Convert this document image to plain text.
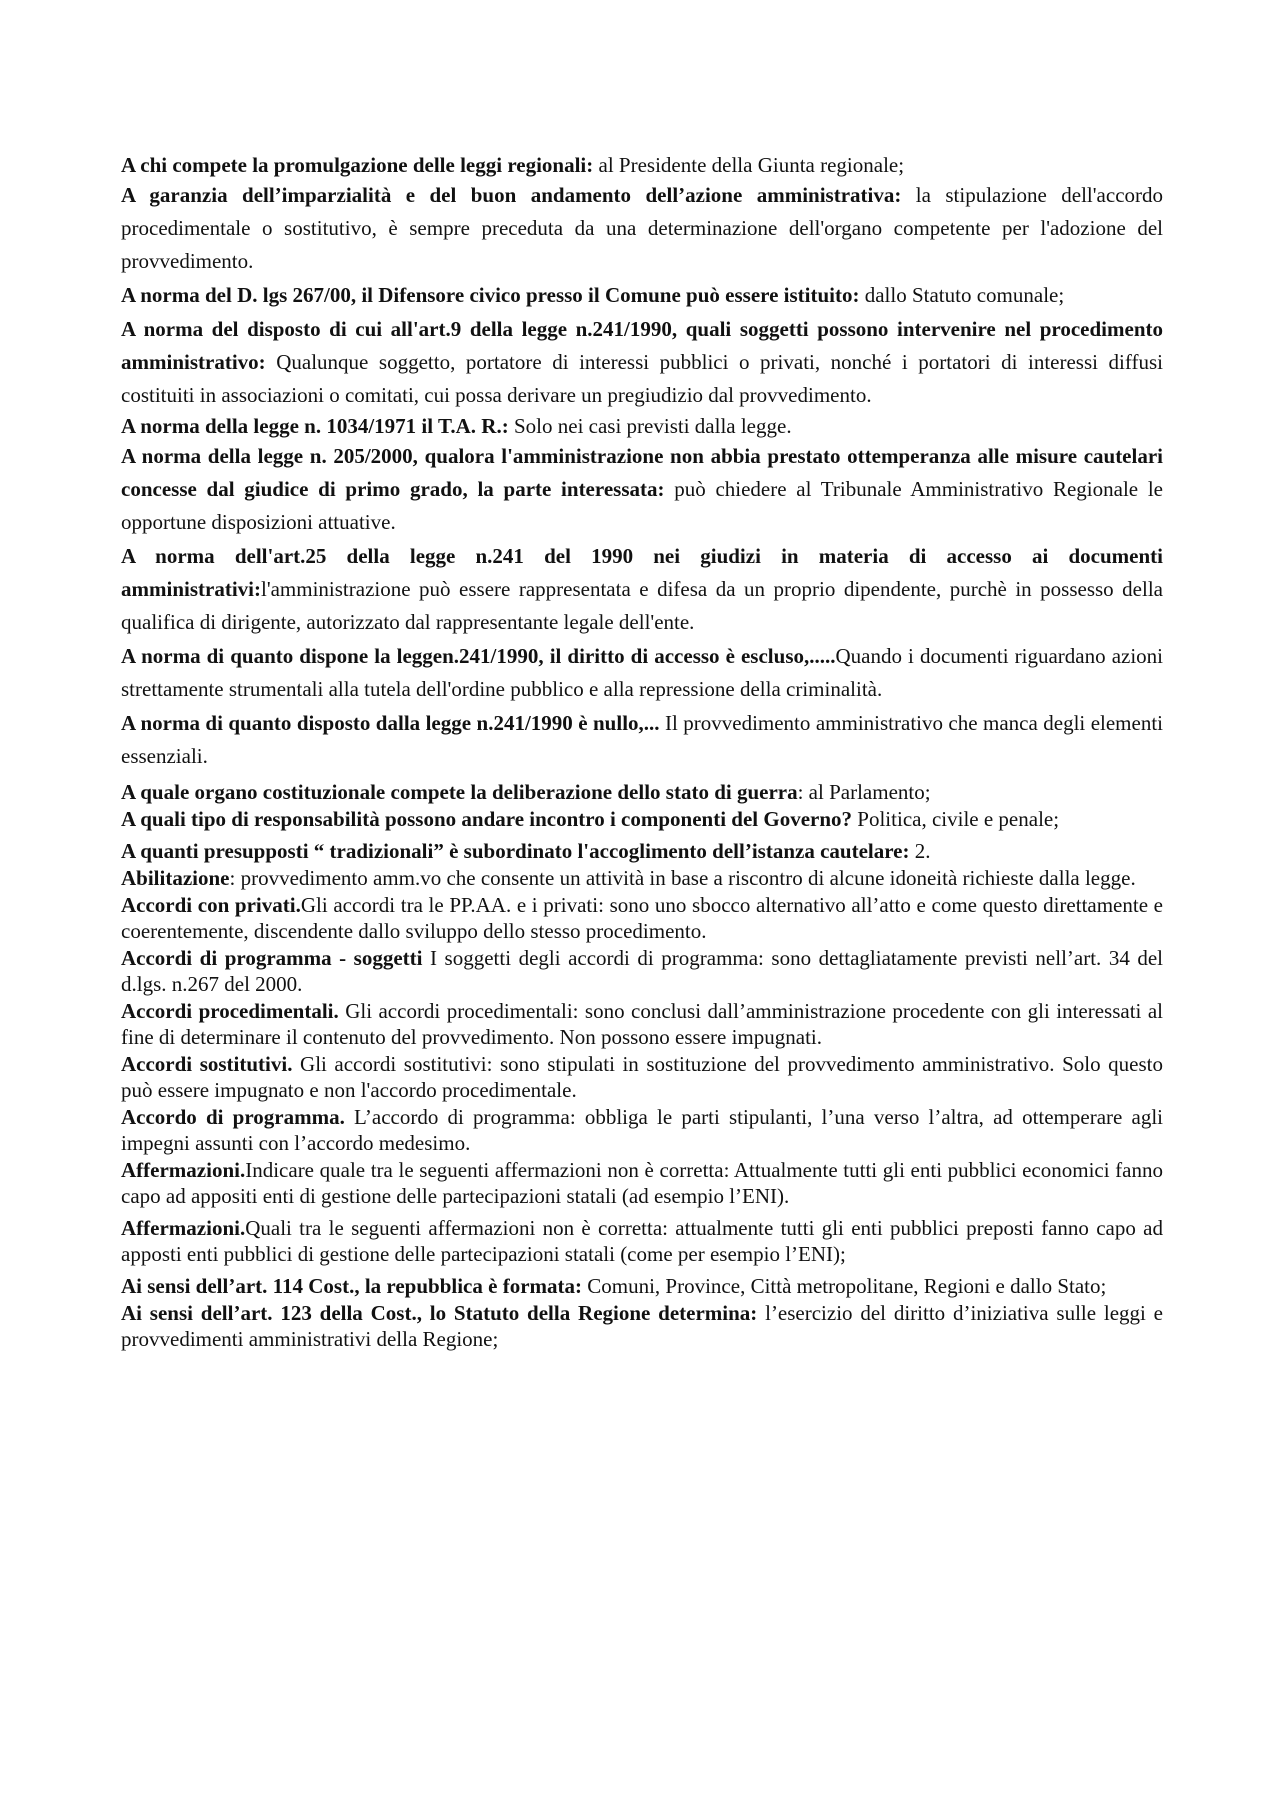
A chi compete la promulgazione delle leggi regionali: al Presidente della Giunta regionale;

A garanzia dell’imparzialità e del buon andamento dell’azione amministrativa: la stipulazione dell'accordo procedimentale o sostitutivo, è sempre preceduta da una determinazione dell'organo competente per l'adozione del provvedimento.

A norma del D. lgs 267/00, il Difensore civico presso il Comune può essere istituito: dallo Statuto comunale;

A norma del disposto di cui all'art.9 della legge n.241/1990, quali soggetti possono intervenire nel procedimento amministrativo: Qualunque soggetto, portatore di interessi pubblici o privati, nonché i portatori di interessi diffusi costituiti in associazioni o comitati, cui possa derivare un pregiudizio dal provvedimento.

A norma della legge n. 1034/1971 il T.A. R.: Solo nei casi previsti dalla legge.

A norma della legge n. 205/2000, qualora l'amministrazione non abbia prestato ottemperanza alle misure cautelari concesse dal giudice di primo grado, la parte interessata: può chiedere al Tribunale Amministrativo Regionale le opportune disposizioni attuative.

A norma dell'art.25 della legge n.241 del 1990 nei giudizi in materia di accesso ai documenti amministrativi:l'amministrazione può essere rappresentata e difesa da un proprio dipendente, purchè in possesso della qualifica di dirigente, autorizzato dal rappresentante legale dell'ente.

A norma di quanto dispone la leggen.241/1990, il diritto di accesso è escluso,.....Quando i documenti riguardano azioni strettamente strumentali alla tutela dell'ordine pubblico e alla repressione della criminalità.

A norma di quanto disposto dalla legge n.241/1990 è nullo,... Il provvedimento amministrativo che manca degli elementi essenziali.

A quale organo costituzionale compete la deliberazione dello stato di guerra: al Parlamento;

A quali tipo di responsabilità possono andare incontro i componenti del Governo? Politica, civile e penale;

A quanti presupposti “ tradizionali” è subordinato l'accoglimento dell’istanza cautelare: 2.

Abilitazione: provvedimento amm.vo che consente un attività in base a riscontro di alcune idoneità richieste dalla legge.

Accordi con privati.Gli accordi tra le PP.AA. e i privati: sono uno sbocco alternativo all’atto e come questo direttamente e coerentemente, discendente dallo sviluppo dello stesso procedimento.

Accordi di programma - soggetti I soggetti degli accordi di programma: sono dettagliatamente previsti nell’art. 34 del d.lgs. n.267 del 2000.

Accordi procedimentali. Gli accordi procedimentali: sono conclusi dall’amministrazione procedente con gli interessati al fine di determinare il contenuto del provvedimento. Non possono essere impugnati.

Accordi sostitutivi. Gli accordi sostitutivi: sono stipulati in sostituzione del provvedimento amministrativo. Solo questo può essere impugnato e non l'accordo procedimentale.

Accordo di programma. L’accordo di programma: obbliga le parti stipulanti, l’una verso l’altra, ad ottemperare agli impegni assunti con l’accordo medesimo.

Affermazioni.Indicare quale tra le seguenti affermazioni non è corretta: Attualmente tutti gli enti pubblici economici fanno capo ad appositi enti di gestione delle partecipazioni statali (ad esempio l’ENI).

Affermazioni.Quali tra le seguenti affermazioni non è corretta: attualmente tutti gli enti pubblici preposti fanno capo ad apposti enti pubblici di gestione delle partecipazioni statali (come per esempio l’ENI);

Ai sensi dell’art. 114 Cost., la repubblica è formata: Comuni, Province, Città metropolitane, Regioni e dallo Stato;

Ai sensi dell’art. 123 della Cost., lo Statuto della Regione determina: l’esercizio del diritto d’iniziativa sulle leggi e provvedimenti amministrativi della Regione;
